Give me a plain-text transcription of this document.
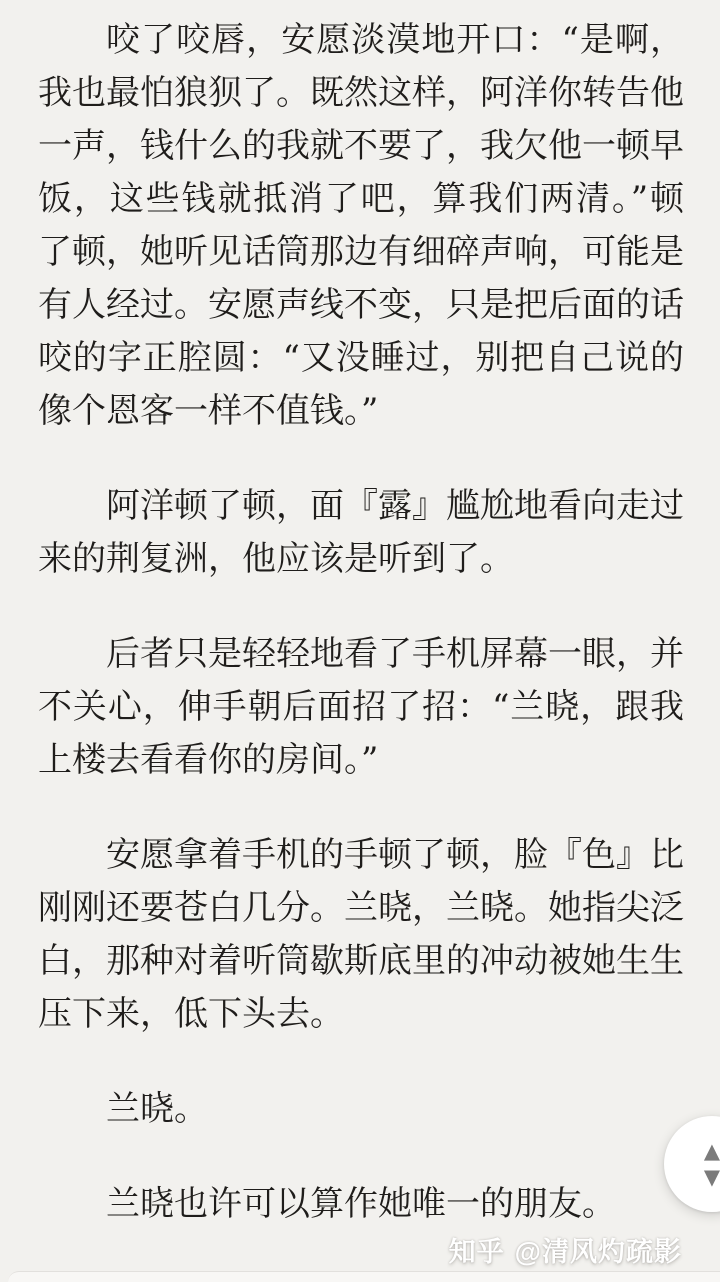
咬了咬唇，安愿淡漠地开口：“是啊，我也最怕狼狈了。既然这样，阿洋你转告他一声，钱什么的我就不要了，我欠他一顿早饭，这些钱就抵消了吧，算我们两清。”顿了顿，她听见话筒那边有细碎声响，可能是有人经过。安愿声线不变，只是把后面的话咬的字正腔圆：“又没睡过，别把自己说的像个恩客一样不值钱。”

阿洋顿了顿，面『露』尴尬地看向走过来的荆复洲，他应该是听到了。

后者只是轻轻地看了手机屏幕一眼，并不关心，伸手朝后面招了招：“兰晓，跟我上楼去看看你的房间。”

安愿拿着手机的手顿了顿，脸『色』比刚刚还要苍白几分。兰晓，兰晓。她指尖泛白，那种对着听筒歇斯底里的冲动被她生生压下来，低下头去。

兰晓。

兰晓也许可以算作她唯一的朋友。

知乎 @清风灼疏影
▲
▼
